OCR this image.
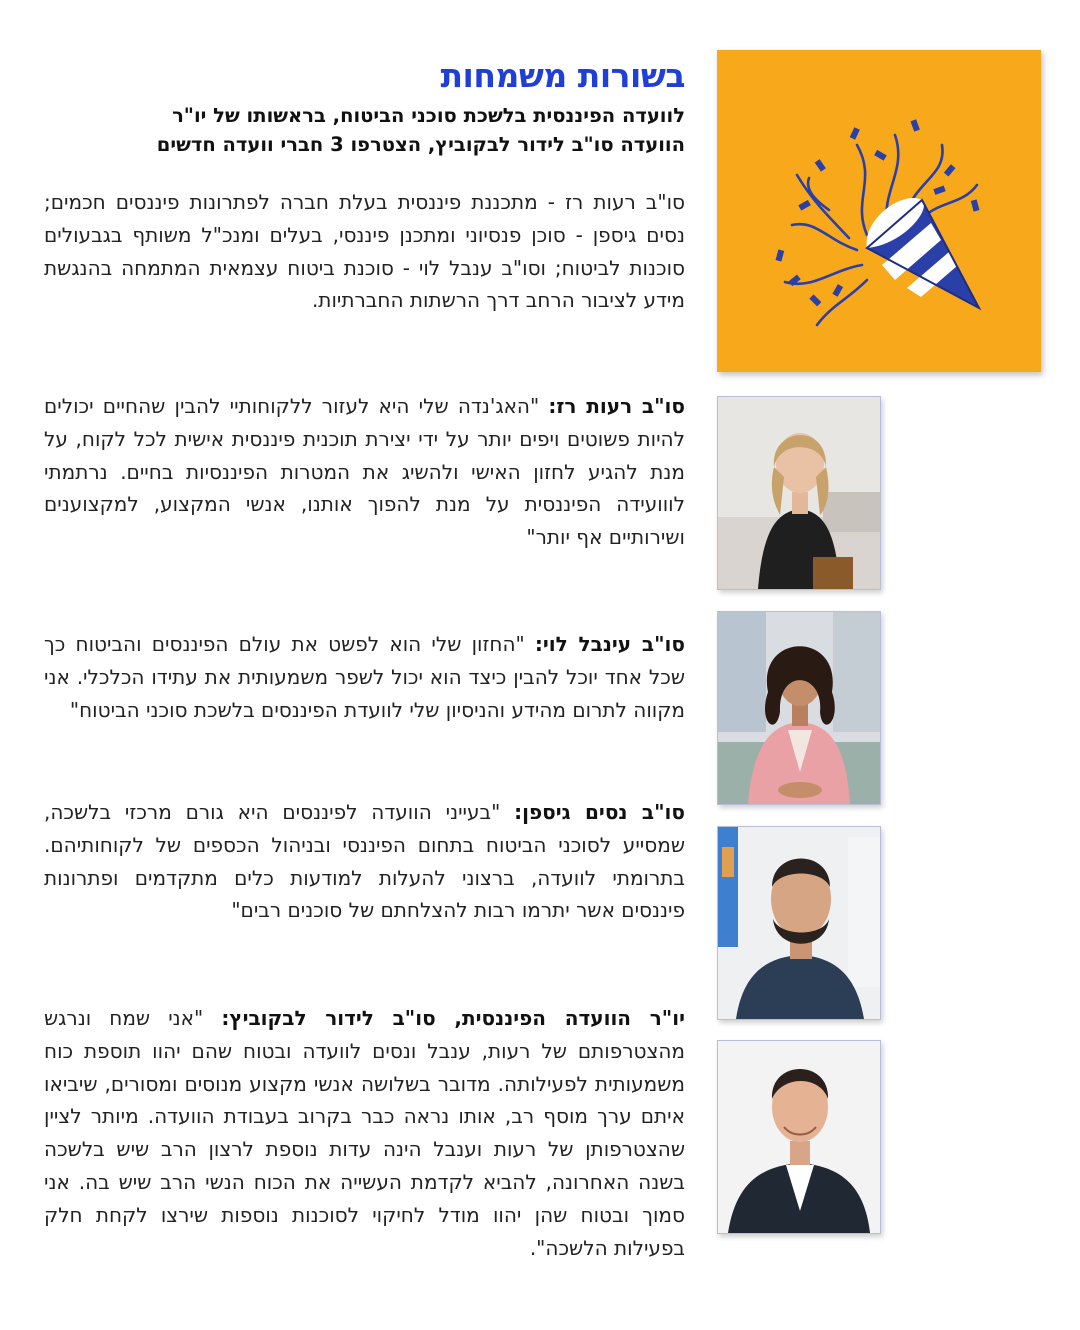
בשורות משמחות
לוועדה הפיננסית בלשכת סוכני הביטוח, בראשותו של יו"ר
הוועדה סו"ב לידור לבקוביץ, הצטרפו 3 חברי וועדה חדשים

סו"ב רעות רז - מתכננת פיננסית בעלת חברה לפתרונות פיננסים חכמים; נסים גיספן - סוכן פנסיוני ומתכנן פיננסי, בעלים ומנכ"ל משותף בגבעולים סוכנות לביטוח; וסו"ב ענבל לוי - סוכנת ביטוח עצמאית המתמחה בהנגשת מידע לציבור הרחב דרך הרשתות החברתיות.

סו"ב רעות רז: "האג'נדה שלי היא לעזור ללקוחותיי להבין שהחיים יכולים להיות פשוטים ויפים יותר על ידי יצירת תוכנית פיננסית אישית לכל לקוח, על מנת להגיע לחזון האישי ולהשיג את המטרות הפיננסיות בחיים. נרתמתי לווועידה הפיננסית על מנת להפוך אותנו, אנשי המקצוע, למקצוענים ושירותיים אף יותר"

סו"ב עינבל לוי: "החזון שלי הוא לפשט את עולם הפיננסים והביטוח כך שכל אחד יוכל להבין כיצד הוא יכול לשפר משמעותית את עתידו הכלכלי. אני מקווה לתרום מהידע והניסיון שלי לוועדת הפיננסים בלשכת סוכני הביטוח"

סו"ב נסים גיספן: "בעייני הוועדה לפיננסים היא גורם מרכזי בלשכה, שמסייע לסוכני הביטוח בתחום הפיננסי ובניהול הכספים של לקוחותיהם. בתרומתי לוועדה, ברצוני להעלות למודעות כלים מתקדמים ופתרונות פיננסים אשר יתרמו רבות להצלחתם של סוכנים רבים"

יו"ר הוועדה הפיננסית, סו"ב לידור לבקוביץ: "אני שמח ונרגש מהצטרפותם של רעות, ענבל ונסים לוועדה ובטוח שהם יהוו תוספת כוח משמעותית לפעילותה. מדובר בשלושה אנשי מקצוע מנוסים ומסורים, שיביאו איתם ערך מוסף רב, אותו נראה כבר בקרוב בעבודת הוועדה. מיותר לציין שהצטרפותן של רעות וענבל הינה עדות נוספת לרצון הרב שיש בלשכה בשנה האחרונה, להביא לקדמת העשייה את הכוח הנשי הרב שיש בה. אני סמוך ובטוח שהן יהוו מודל לחיקוי לסוכנות נוספות שירצו לקחת חלק בפעילות הלשכה".
